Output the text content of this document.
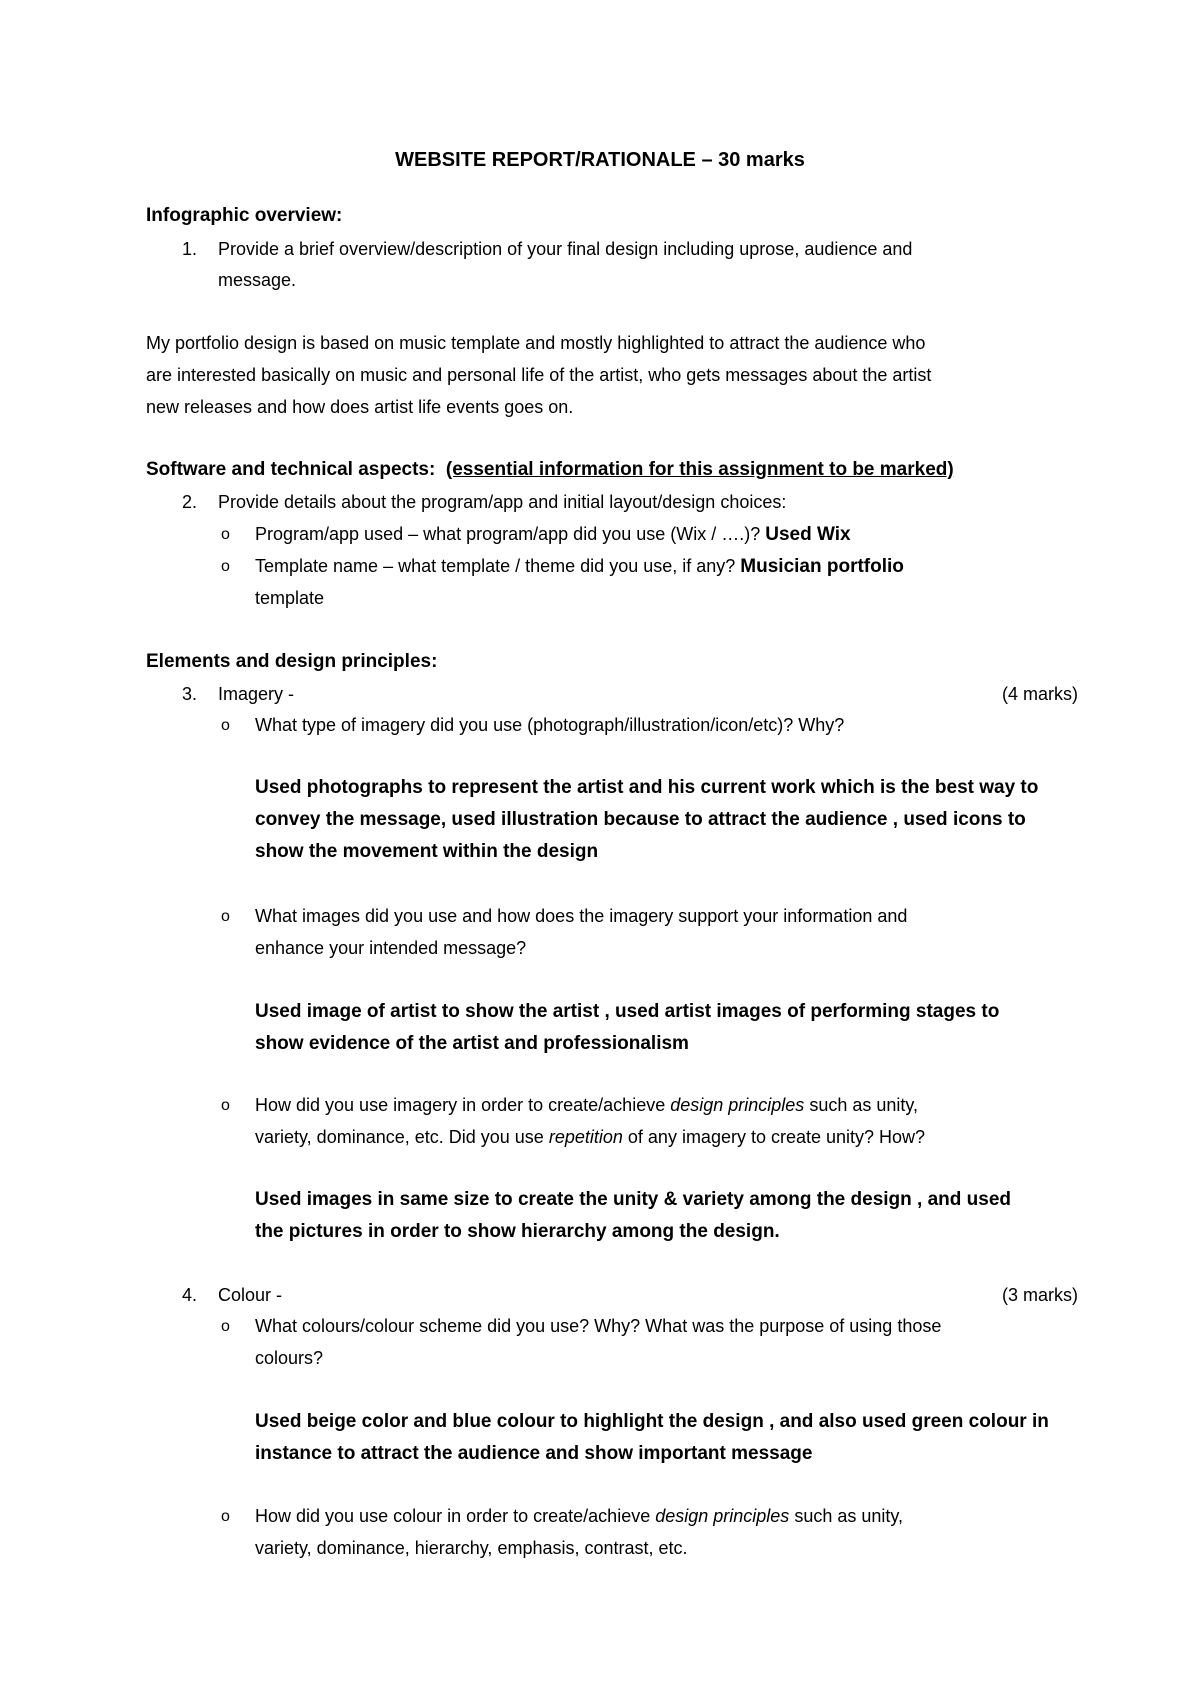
WEBSITE REPORT/RATIONALE – 30 marks
Infographic overview:
1. Provide a brief overview/description of your final design including uprose, audience and
message.
My portfolio design is based on music template and mostly highlighted to attract the audience who
are interested basically on music and personal life of the artist, who gets messages about the artist
new releases and how does artist life events goes on.
Software and technical aspects: (essential information for this assignment to be marked)
2. Provide details about the program/app and initial layout/design choices:
o Program/app used – what program/app did you use (Wix / ….)? Used Wix
o Template name – what template / theme did you use, if any? Musician portfolio
template
Elements and design principles:
3. Imagery -	(4 marks)
o What type of imagery did you use (photograph/illustration/icon/etc)? Why?
Used photographs to represent the artist and his current work which is the best way to
convey the message, used illustration because to attract the audience , used icons to
show the movement within the design
o What images did you use and how does the imagery support your information and
enhance your intended message?
Used image of artist to show the artist , used artist images of performing stages to
show evidence of the artist and professionalism
o How did you use imagery in order to create/achieve design principles such as unity,
variety, dominance, etc. Did you use repetition of any imagery to create unity? How?
Used images in same size to create the unity & variety among the design , and used
the pictures in order to show hierarchy among the design.
4. Colour -	(3 marks)
o What colours/colour scheme did you use? Why? What was the purpose of using those
colours?
Used beige color and blue colour to highlight the design , and also used green colour in
instance to attract the audience and show important message
o How did you use colour in order to create/achieve design principles such as unity,
variety, dominance, hierarchy, emphasis, contrast, etc.
